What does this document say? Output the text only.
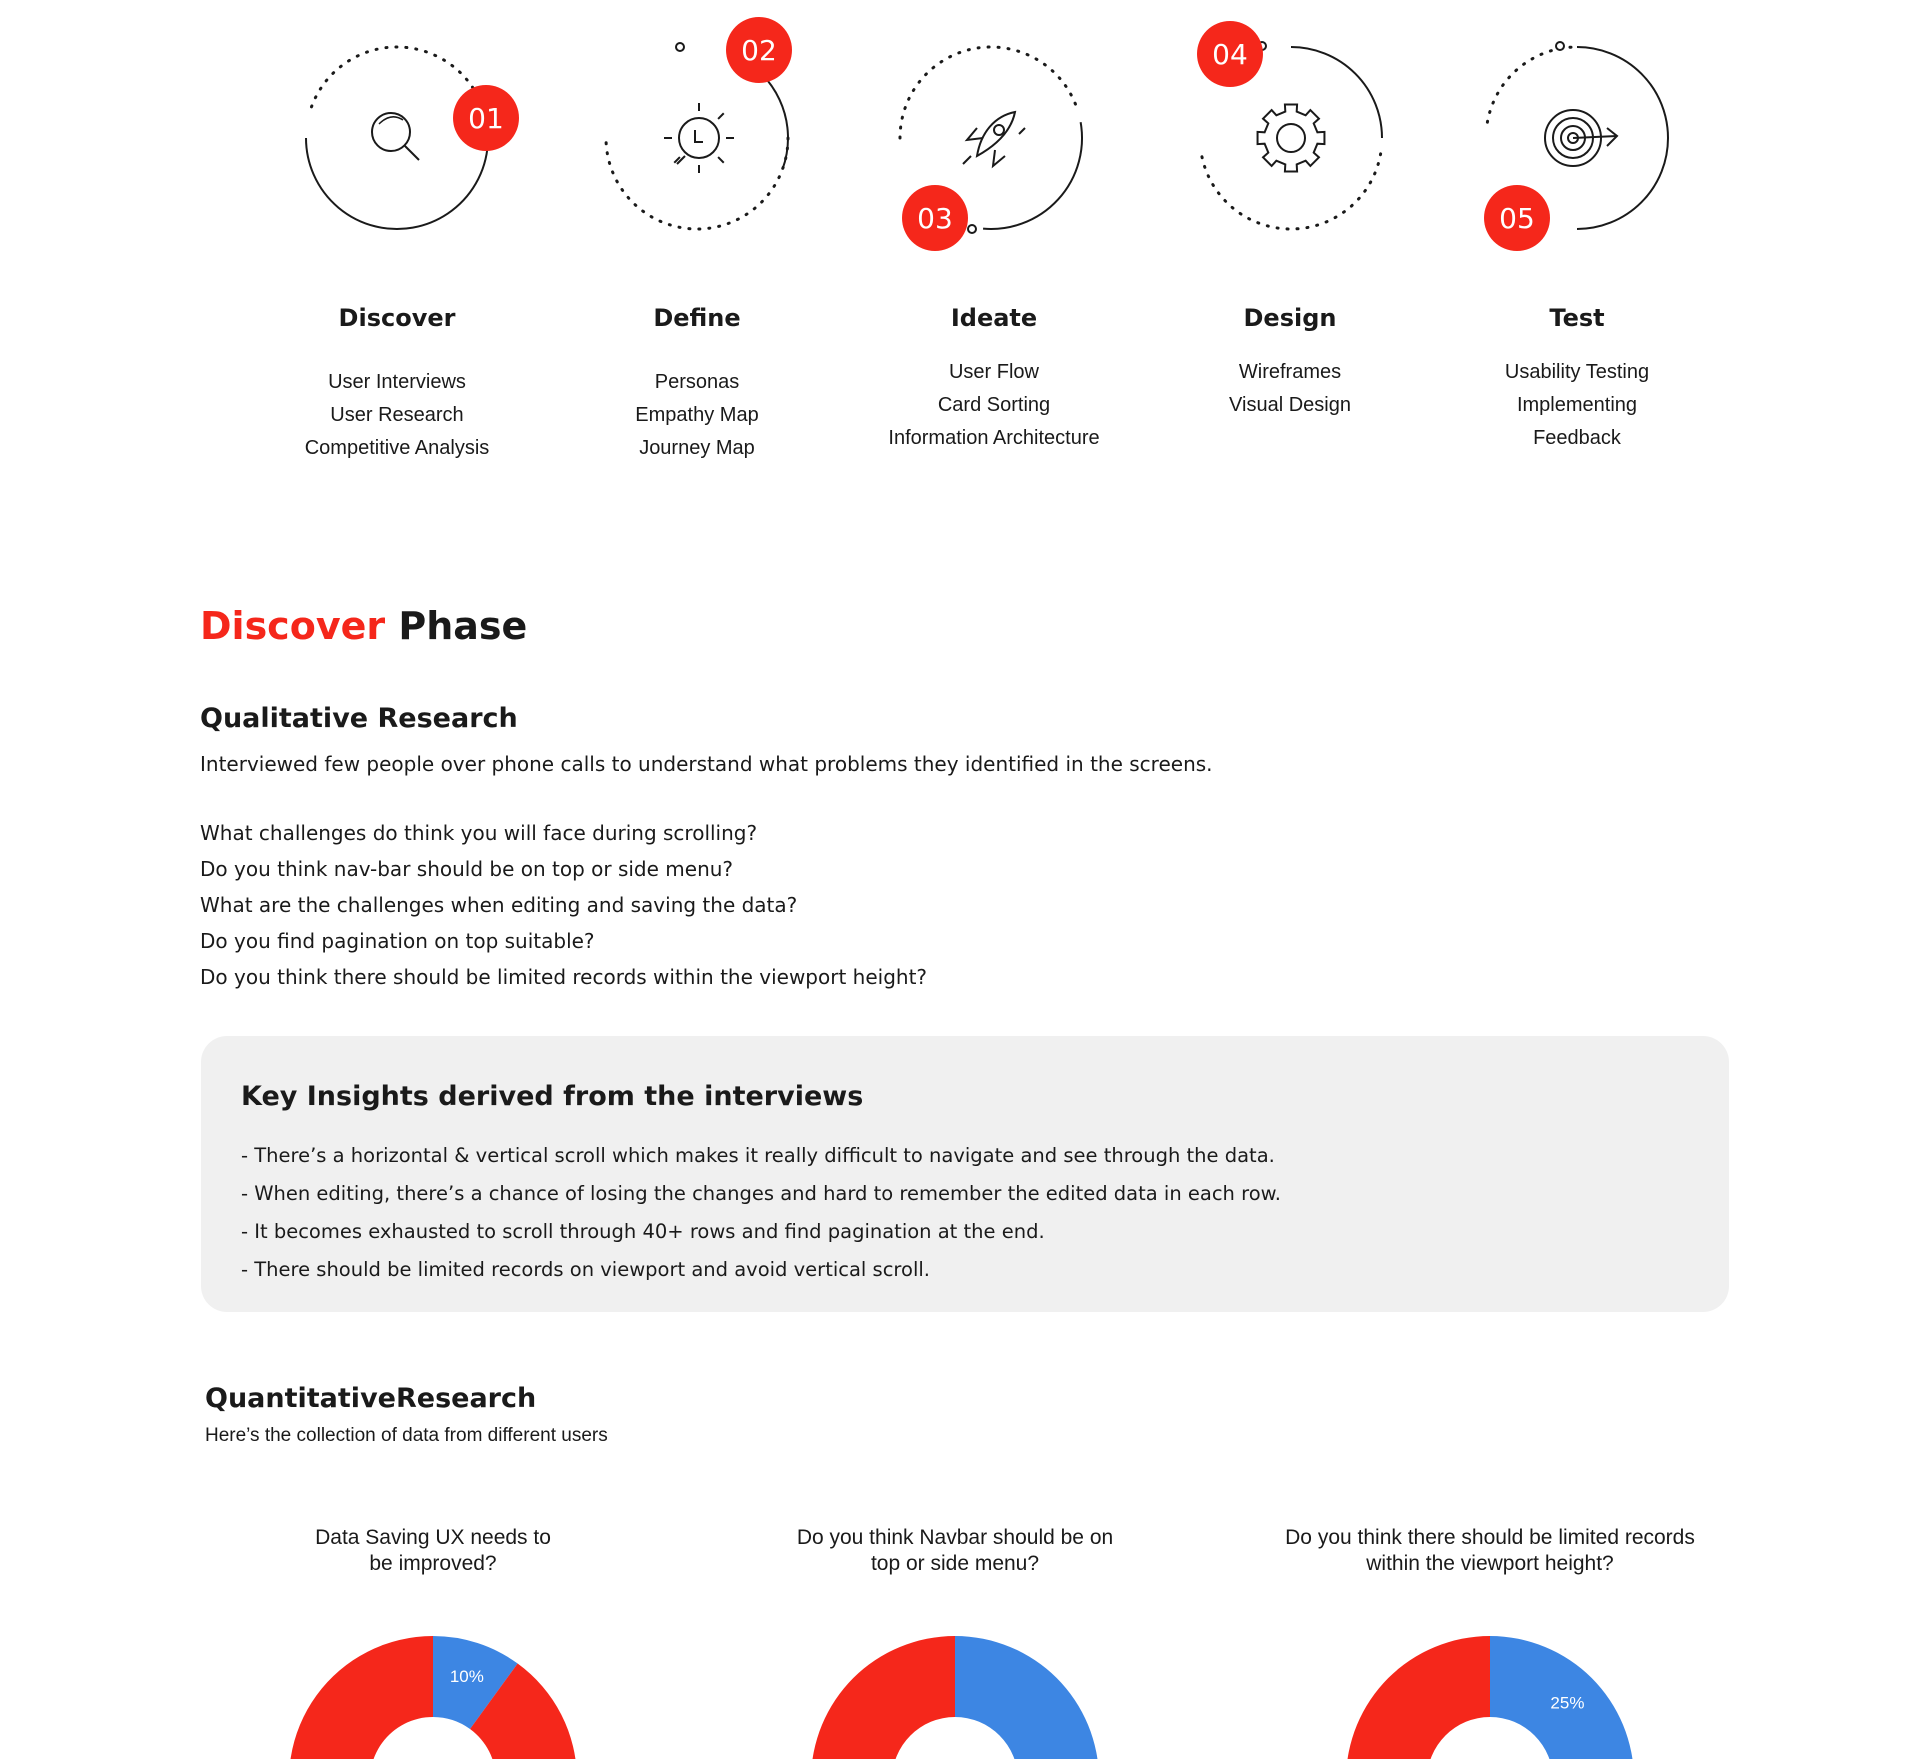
01
Discover
User Interviews
User Research
Competitive Analysis
02
Define
Personas
Empathy Map
Journey Map
03
Ideate
User Flow
Card Sorting
Information Architecture
04
Design
Wireframes
Visual Design
05
Test
Usability Testing
Implementing
Feedback
Discover Phase
Qualitative Research
Interviewed few people over phone calls to understand what problems they identified in the screens.
What challenges do think you will face during scrolling?
Do you think nav-bar should be on top or side menu?
What are the challenges when editing and saving the data?
Do you find pagination on top suitable?
Do you think there should be limited records within the viewport height?
Key Insights derived from the interviews
- There’s a horizontal & vertical scroll which makes it really difficult to navigate and see through the data.
- When editing, there’s a chance of losing the changes and hard to remember the edited data in each row.
- It becomes exhausted to scroll through 40+ rows and find pagination at the end.
- There should be limited records on viewport and avoid vertical scroll.
QuantitativeResearch
Here’s the collection of data from different users
Data Saving UX needs to
be improved?
10%
Do you think Navbar should be on
top or side menu?
Do you think there should be limited records
within the viewport height?
25%
